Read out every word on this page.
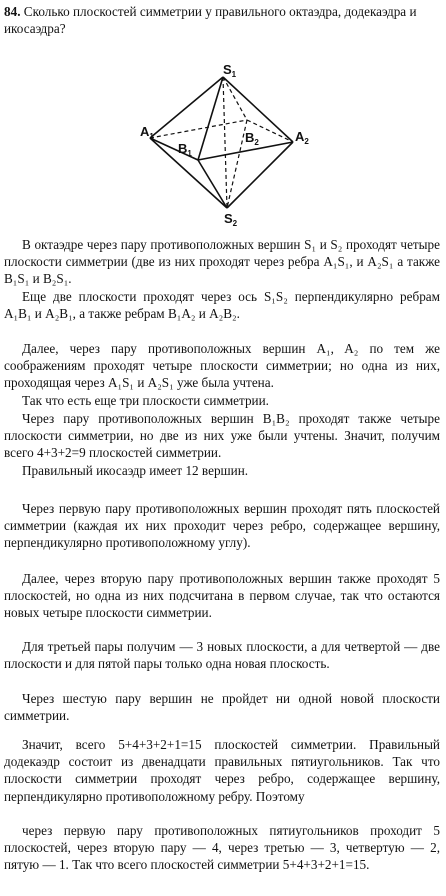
84. Сколько плоскостей симметрии у правильного октаэдра, додекаэдра и икосаэдра?

$S_1$
$A_1$
$B_1$
$B_2$	$A_2$
$S_2$

В октаэдре через пару противоположных вершин S₁ и S₂ проходят четыре плоскости симметрии (две из них проходят через ребра A₁S₁, и A₂S₁ а также B₁S₁ и B₂S₁.

Еще две плоскости проходят через ось S₁S₂ перпендикулярно ребрам A₁B₁ и A₂B₁, а также ребрам B₁A₂ и A₂B₂.

Далее, через пару противоположных вершин A₁, A₂ по тем же соображениям проходят четыре плоскости симметрии; но одна из них, проходящая через A₁S₁ и A₂S₁ уже была учтена.

Так что есть еще три плоскости симметрии.

Через пару противоположных вершин B₁B₂ проходят также четыре плоскости симметрии, но две из них уже были учтены. Значит, получим всего 4+3+2=9 плоскостей симметрии.

Правильный икосаэдр имеет 12 вершин.

Через первую пару противоположных вершин проходят пять плоскостей симметрии (каждая их них проходит через ребро, содержащее вершину, перпендикулярно противоположному углу).

Далее, через вторую пару противоположных вершин также проходят 5 плоскостей, но одна из них подсчитана в первом случае, так что остаются новых четыре плоскости симметрии.

Для третьей пары получим — 3 новых плоскости, а для четвертой — две плоскости и для пятой пары только одна новая плоскость.

Через шестую пару вершин не пройдет ни одной новой плоскости симметрии.

Значит, всего 5+4+3+2+1=15 плоскостей симметрии. Правильный додекаэдр состоит из двенадцати правильных пятиугольников. Так что плоскости симметрии проходят через ребро, содержащее вершину, перпендикулярно противоположному ребру. Поэтому

через первую пару противоположных пятиугольников проходит 5 плоскостей, через вторую пару — 4, через третью — 3, четвертую — 2, пятую — 1. Так что всего плоскостей симметрии 5+4+3+2+1=15.
